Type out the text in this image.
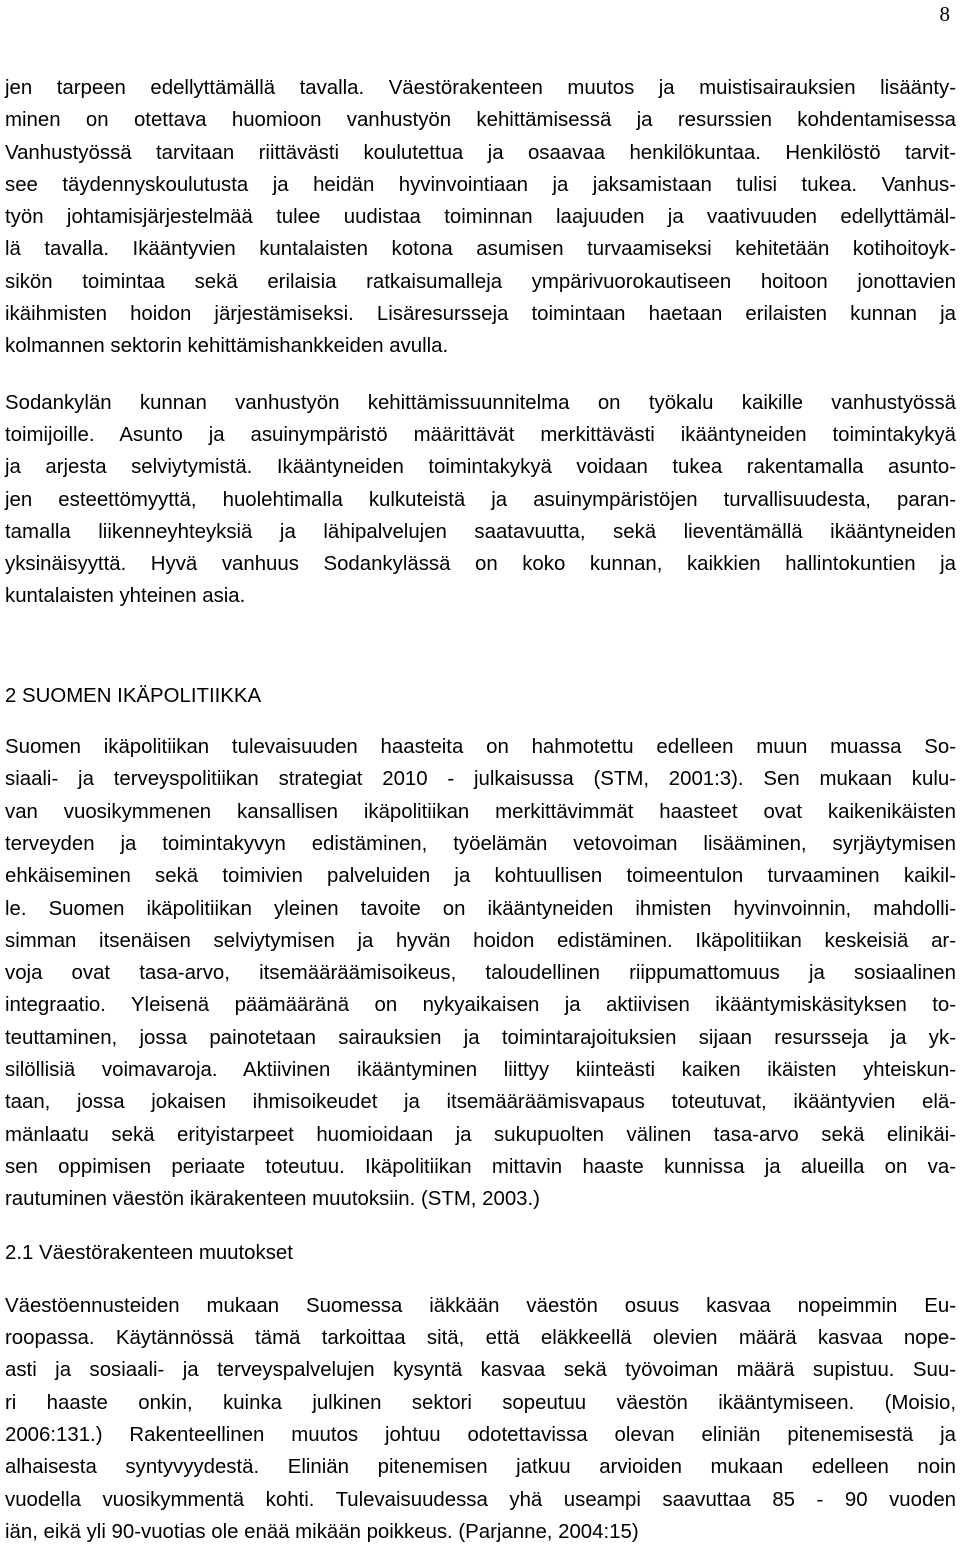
8
jen tarpeen edellyttämällä tavalla. Väestörakenteen muutos ja muistisairauksien lisäänty-
minen on otettava huomioon vanhustyön kehittämisessä ja resurssien kohdentamisessa
Vanhustyössä tarvitaan riittävästi koulutettua ja osaavaa henkilökuntaa. Henkilöstö tarvit-
see täydennyskoulutusta ja heidän hyvinvointiaan ja jaksamistaan tulisi tukea. Vanhus-
työn johtamisjärjestelmää tulee uudistaa toiminnan laajuuden ja vaativuuden edellyttämäl-
lä tavalla. Ikääntyvien kuntalaisten kotona asumisen turvaamiseksi kehitetään kotihoitoyk-
sikön toimintaa sekä erilaisia ratkaisumalleja ympärivuorokautiseen hoitoon jonottavien
ikäihmisten hoidon järjestämiseksi. Lisäresursseja toimintaan haetaan erilaisten kunnan ja
kolmannen sektorin kehittämishankkeiden avulla.
Sodankylän kunnan vanhustyön kehittämissuunnitelma on työkalu kaikille vanhustyössä
toimijoille. Asunto ja asuinympäristö määrittävät merkittävästi ikääntyneiden toimintakykyä
ja arjesta selviytymistä. Ikääntyneiden toimintakykyä voidaan tukea rakentamalla asunto-
jen esteettömyyttä, huolehtimalla kulkuteistä ja asuinympäristöjen turvallisuudesta, paran-
tamalla liikenneyhteyksiä ja lähipalvelujen saatavuutta, sekä lieventämällä ikääntyneiden
yksinäisyyttä. Hyvä vanhuus Sodankylässä on koko kunnan, kaikkien hallintokuntien ja
kuntalaisten yhteinen asia.
2 SUOMEN IKÄPOLITIIKKA
Suomen ikäpolitiikan tulevaisuuden haasteita on hahmotettu edelleen muun muassa So-
siaali- ja terveyspolitiikan strategiat 2010 - julkaisussa (STM, 2001:3). Sen mukaan kulu-
van vuosikymmenen kansallisen ikäpolitiikan merkittävimmät haasteet ovat kaikenikäisten
terveyden ja toimintakyvyn edistäminen, työelämän vetovoiman lisääminen, syrjäytymisen
ehkäiseminen sekä toimivien palveluiden ja kohtuullisen toimeentulon turvaaminen kaikil-
le. Suomen ikäpolitiikan yleinen tavoite on ikääntyneiden ihmisten hyvinvoinnin, mahdolli-
simman itsenäisen selviytymisen ja hyvän hoidon edistäminen. Ikäpolitiikan keskeisiä ar-
voja ovat tasa-arvo, itsemääräämisoikeus, taloudellinen riippumattomuus ja sosiaalinen
integraatio. Yleisenä päämääränä on nykyaikaisen ja aktiivisen ikääntymiskäsityksen to-
teuttaminen, jossa painotetaan sairauksien ja toimintarajoituksien sijaan resursseja ja yk-
silöllisiä voimavaroja. Aktiivinen ikääntyminen liittyy kiinteästi kaiken ikäisten yhteiskun-
taan, jossa jokaisen ihmisoikeudet ja itsemääräämisvapaus toteutuvat, ikääntyvien elä-
mänlaatu sekä erityistarpeet huomioidaan ja sukupuolten välinen tasa-arvo sekä elinikäi-
sen oppimisen periaate toteutuu. Ikäpolitiikan mittavin haaste kunnissa ja alueilla on va-
rautuminen väestön ikärakenteen muutoksiin. (STM, 2003.)
2.1 Väestörakenteen muutokset
Väestöennusteiden mukaan Suomessa iäkkään väestön osuus kasvaa nopeimmin Eu-
roopassa. Käytännössä tämä tarkoittaa sitä, että eläkkeellä olevien määrä kasvaa nope-
asti ja sosiaali- ja terveyspalvelujen kysyntä kasvaa sekä työvoiman määrä supistuu. Suu-
ri haaste onkin, kuinka julkinen sektori sopeutuu väestön ikääntymiseen. (Moisio,
2006:131.) Rakenteellinen muutos johtuu odotettavissa olevan eliniän pitenemisestä ja
alhaisesta syntyvyydestä. Eliniän pitenemisen jatkuu arvioiden mukaan edelleen noin
vuodella vuosikymmentä kohti. Tulevaisuudessa yhä useampi saavuttaa 85 - 90 vuoden
iän, eikä yli 90-vuotias ole enää mikään poikkeus. (Parjanne, 2004:15)
